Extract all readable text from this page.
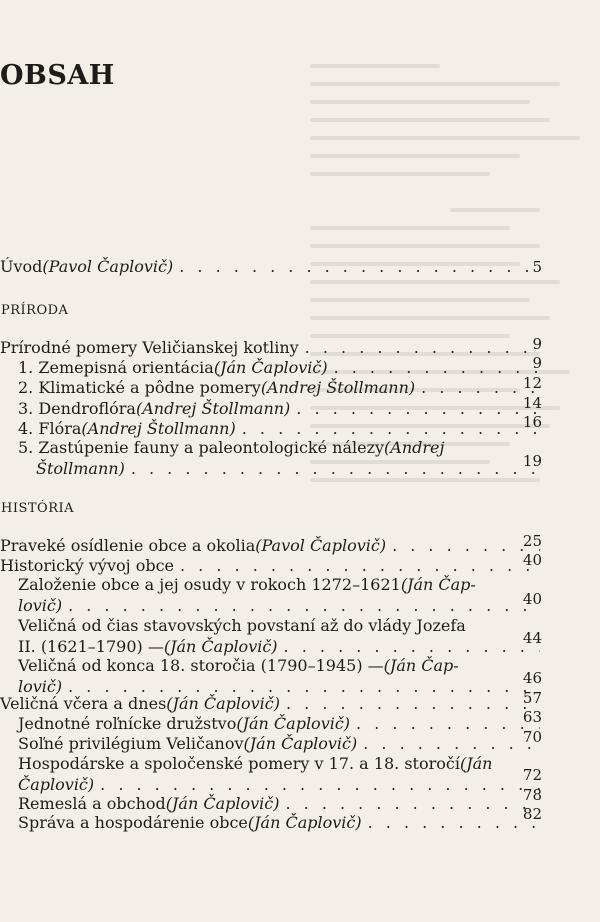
OBSAH
Úvod (Pavol Čaplovič) . . .	5
PRÍRODA
Prírodné pomery Veličianskej kotliny . . .	9
1. Zemepisná orientácia (Ján Čaplovič) . . .	9
2. Klimatické a pôdne pomery (Andrej Štollmann) . . .	12
3. Dendroflóra (Andrej Štollmann) . . .	14
4. Flóra (Andrej Štollmann) . . .	16
5. Zastúpenie fauny a paleontologické nálezy (Andrej
Štollmann) . . .	19
HISTÓRIA
Praveké osídlenie obce a okolia (Pavol Čaplovič) . . .	25
Historický vývoj obce . . .	40
Založenie obce a jej osudy v rokoch 1272–1621 (Ján Čap-
lovič) . . .	40
Veličná od čias stavovských povstaní až do vlády Jozefa
II. (1621–1790) — (Ján Čaplovič) . . .	44
Veličná od konca 18. storočia (1790–1945) — (Ján Čap-
lovič) . . .	46
Veličná včera a dnes (Ján Čaplovič) . . .	57
Jednotné roľnícke družstvo (Ján Čaplovič) . . .	63
Soľné privilégium Veličanov (Ján Čaplovič) . . .	70
Hospodárske a spoločenské pomery v 17. a 18. storočí (Ján
Čaplovič) . . .	72
Remeslá a obchod (Ján Čaplovič) . . .	78
Správa a hospodárenie obce (Ján Čaplovič) . . .	82
